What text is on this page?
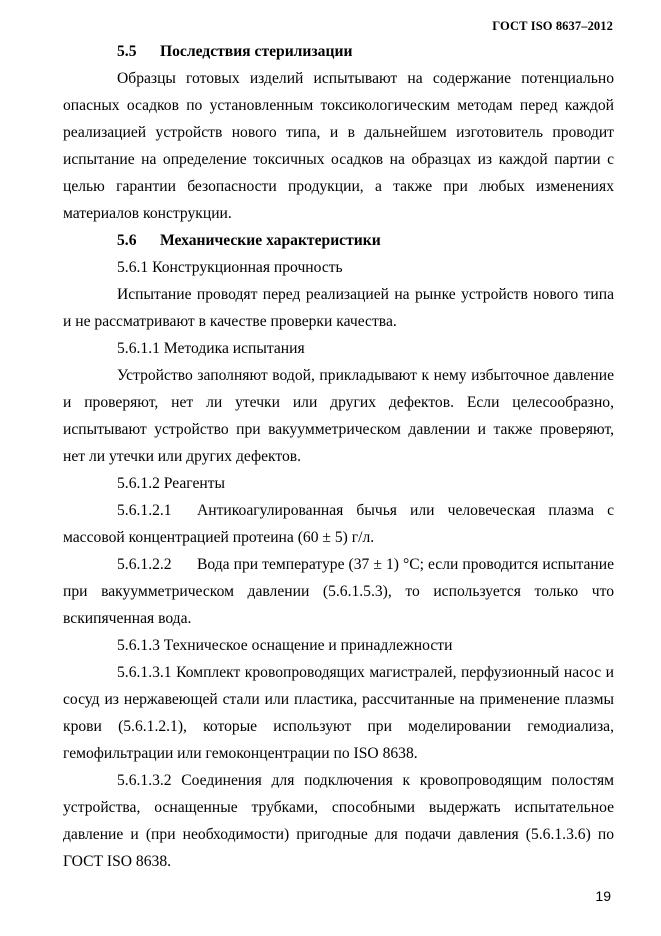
ГОСТ ISO 8637–2012

5.5 Последствия стерилизации

Образцы готовых изделий испытывают на содержание потенциально опасных осадков по установленным токсикологическим методам перед каждой реализацией устройств нового типа, и в дальнейшем изготовитель проводит испытание на определение токсичных осадков на образцах из каждой партии с целью гарантии безопасности продукции, а также при любых изменениях материалов конструкции.

5.6 Механические характеристики

5.6.1 Конструкционная прочность

Испытание проводят перед реализацией на рынке устройств нового типа и не рассматривают в качестве проверки качества.

5.6.1.1 Методика испытания

Устройство заполняют водой, прикладывают к нему избыточное давление и проверяют, нет ли утечки или других дефектов. Если целесообразно, испытывают устройство при вакуумметрическом давлении и также проверяют, нет ли утечки или других дефектов.

5.6.1.2 Реагенты

5.6.1.2.1 Антикоагулированная бычья или человеческая плазма с

массовой концентрацией протеина (60 ± 5) г/л.

5.6.1.2.2 Вода при температуре (37 ± 1) °С; если проводится испытание

при вакуумметрическом давлении (5.6.1.5.3), то используется только что вскипяченная вода.

5.6.1.3 Техническое оснащение и принадлежности

5.6.1.3.1 Комплект кровопроводящих магистралей, перфузионный насос и сосуд из нержавеющей стали или пластика, рассчитанные на применение плазмы крови (5.6.1.2.1), которые используют при моделировании гемодиализа, гемофильтрации или гемоконцентрации по ISO 8638.

5.6.1.3.2 Соединения для подключения к кровопроводящим полостям устройства, оснащенные трубками, способными выдержать испытательное давление и (при необходимости) пригодные для подачи давления (5.6.1.3.6) по ГОСТ ISO 8638.

19
